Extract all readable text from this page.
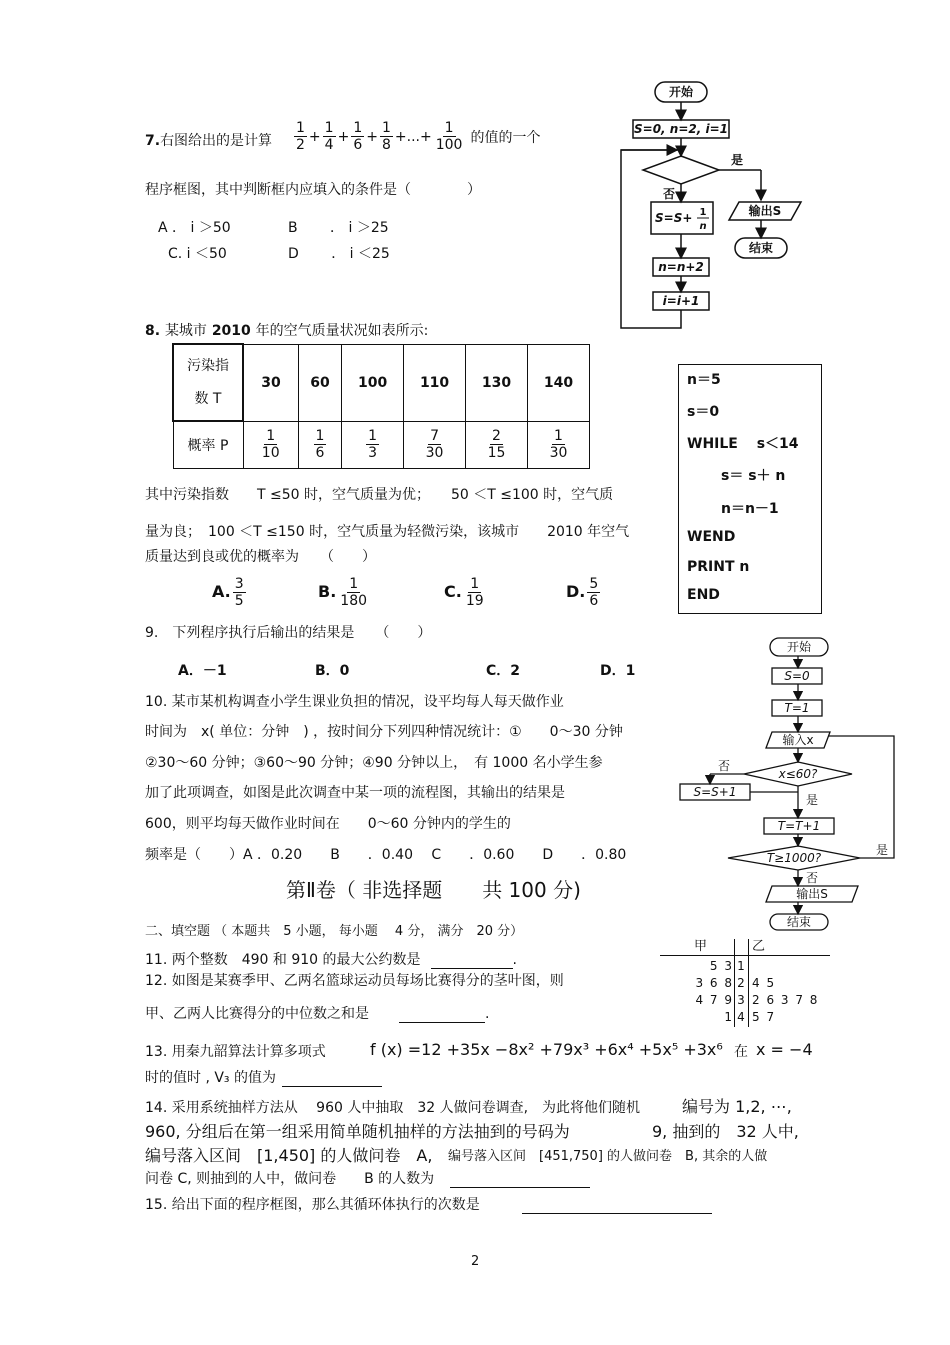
7.右图给出的是计算 $\frac{1}{2} + \frac{1}{4} + \frac{1}{6} + \frac{1}{8}$ + ... + $\frac{1}{100}$ 的值的一个
程序框图，其中判断框内应填入的条件是（　　　　）
A ． i ＞50	B 　　． i ＞25
C. i ＜50	D 　　． i ＜25
开始
S=0, n=2, i=1
是
否
输出S
结束
S=S+ 1
n
n=n+2
i=i+1
8. 某城市 2010 年的空气质量状况如表所示:
污染指
数 T	30	60	100	110	130	140
概率 P	$\frac{1}{10}$	$\frac{1}{6}$	$\frac{1}{3}$	$\frac{7}{30}$	$\frac{2}{15}$	$\frac{1}{30}$
其中污染指数　　T ≤50 时，空气质量为优；　　50 ＜T ≤100 时，空气质
量为良；　100 ＜T ≤150 时，空气质量为轻微污染，该城市　　2010 年空气
质量达到良或优的概率为　　（　　）
A. $\frac{3}{5}$	B. $\frac{1}{180}$	C. $\frac{1}{19}$	D. $\frac{5}{6}$
n＝5
s＝0
WHILE　 s＜14
s＝ s＋ n
n＝n－1
WEND
PRINT n
END
9.　下列程序执行后输出的结果是　　（　　）
A．－1	B．0	C．2	D．1
10. 某市某机构调查小学生课业负担的情况，设平均每人每天做作业
时间为　x( 单位：分钟　) ，按时间分下列四种情况统计：①　　0～30 分钟
②30～60 分钟；③60～90 分钟；④90 分钟以上，　有 1000 名小学生参
加了此项调查，如图是此次调查中某一项的流程图，其输出的结果是
600，则平均每天做作业时间在　　0～60 分钟内的学生的
频率是（　　）A ．0.20　　B　　．0.40　 C　　．0.60　　D　　．0.80
开始
S=0
T=1
输入x
x≤60?
否
是
S=S+1
T=T+1
T≥1000?
是
否
输出S
结束
第Ⅱ卷（ 非选择题　　共 100 分)
二、填空题 （ 本题共　5 小题， 每小题　 4 分， 满分　20 分）
11. 两个整数　490 和 910 的最大公约数是	.
12. 如图是某赛季甲、乙两名篮球运动员每场比赛得分的茎叶图，则
甲、乙两人比赛得分的中位数之和是	.
甲	乙
5 3 1
3 6 8 2 4 5
4 7 9 3 2 6 3 7 8
1 4 5 7
13. 用秦九韶算法计算多项式	f (x) =12 +35x −8x² +79x³ +6x⁴ +5x⁵ +3x⁶ 在 x = −4
时的值时 , V₃ 的值为
14. 采用系统抽样方法从　 960 人中抽取　32 人做问卷调查,　为此将他们随机	编号为 1,2, ⋯,
960, 分组后在第一组采用简单随机抽样的方法抽到的号码为	9, 抽到的　32 人中,
编号落入区间　[1,450] 的人做问卷　A, 编号落入区间　[451,750] 的人做问卷　B, 其余的人做
问卷 C, 则抽到的人中，做问卷　　B 的人数为
15. 给出下面的程序框图，那么其循环体执行的次数是
2
